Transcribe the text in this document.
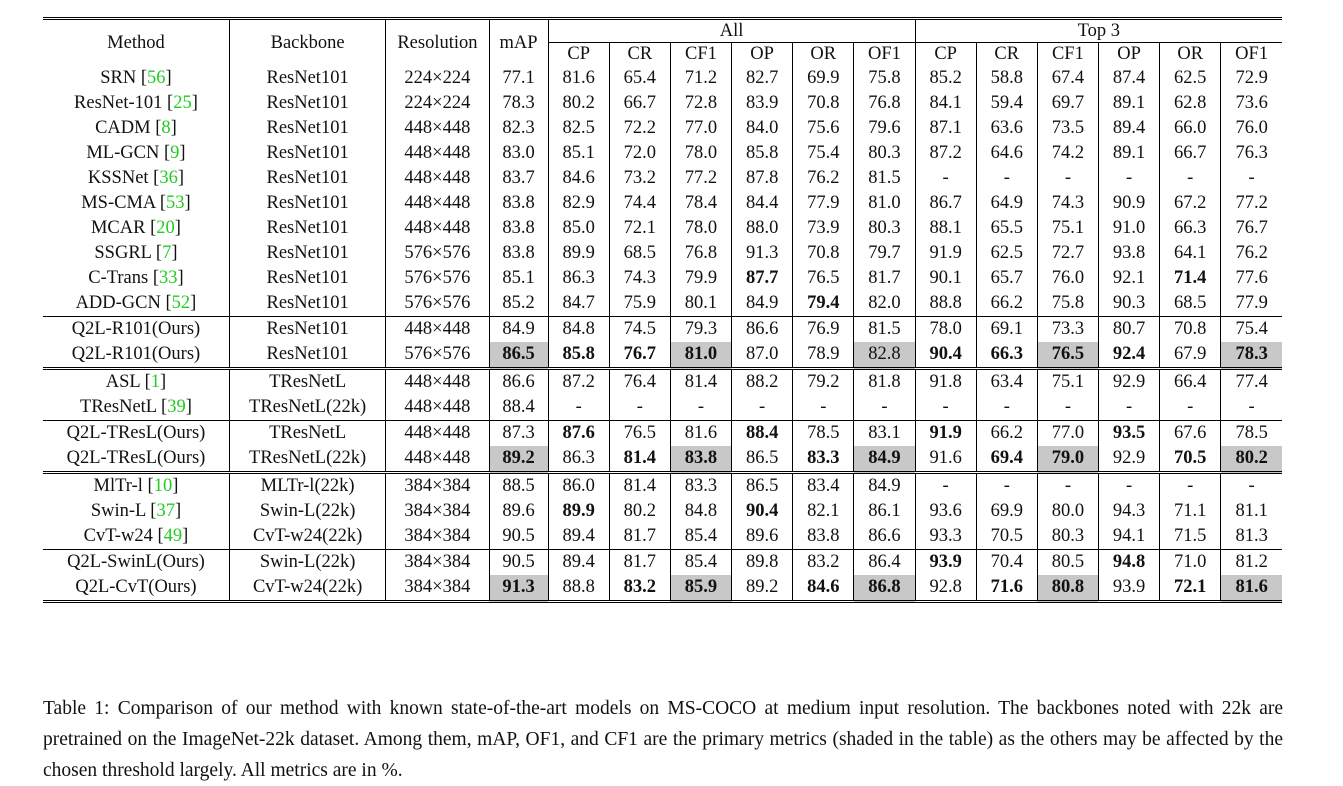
Method	Backbone	Resolution	mAP	All						Top 3					
				CP	CR	CF1	OP	OR	OF1	CP	CR	CF1	OP	OR	OF1
SRN [56]	ResNet101	224×224	77.1	81.6	65.4	71.2	82.7	69.9	75.8	85.2	58.8	67.4	87.4	62.5	72.9
ResNet-101 [25]	ResNet101	224×224	78.3	80.2	66.7	72.8	83.9	70.8	76.8	84.1	59.4	69.7	89.1	62.8	73.6
CADM [8]	ResNet101	448×448	82.3	82.5	72.2	77.0	84.0	75.6	79.6	87.1	63.6	73.5	89.4	66.0	76.0
ML-GCN [9]	ResNet101	448×448	83.0	85.1	72.0	78.0	85.8	75.4	80.3	87.2	64.6	74.2	89.1	66.7	76.3
KSSNet [36]	ResNet101	448×448	83.7	84.6	73.2	77.2	87.8	76.2	81.5	-	-	-	-	-	-
MS-CMA [53]	ResNet101	448×448	83.8	82.9	74.4	78.4	84.4	77.9	81.0	86.7	64.9	74.3	90.9	67.2	77.2
MCAR [20]	ResNet101	448×448	83.8	85.0	72.1	78.0	88.0	73.9	80.3	88.1	65.5	75.1	91.0	66.3	76.7
SSGRL [7]	ResNet101	576×576	83.8	89.9	68.5	76.8	91.3	70.8	79.7	91.9	62.5	72.7	93.8	64.1	76.2
C-Trans [33]	ResNet101	576×576	85.1	86.3	74.3	79.9	87.7	76.5	81.7	90.1	65.7	76.0	92.1	71.4	77.6
ADD-GCN [52]	ResNet101	576×576	85.2	84.7	75.9	80.1	84.9	79.4	82.0	88.8	66.2	75.8	90.3	68.5	77.9
Q2L-R101(Ours)	ResNet101	448×448	84.9	84.8	74.5	79.3	86.6	76.9	81.5	78.0	69.1	73.3	80.7	70.8	75.4
Q2L-R101(Ours)	ResNet101	576×576	86.5	85.8	76.7	81.0	87.0	78.9	82.8	90.4	66.3	76.5	92.4	67.9	78.3
ASL [1]	TResNetL	448×448	86.6	87.2	76.4	81.4	88.2	79.2	81.8	91.8	63.4	75.1	92.9	66.4	77.4
TResNetL [39]	TResNetL(22k)	448×448	88.4	-	-	-	-	-	-	-	-	-	-	-	-
Q2L-TResL(Ours)	TResNetL	448×448	87.3	87.6	76.5	81.6	88.4	78.5	83.1	91.9	66.2	77.0	93.5	67.6	78.5
Q2L-TResL(Ours)	TResNetL(22k)	448×448	89.2	86.3	81.4	83.8	86.5	83.3	84.9	91.6	69.4	79.0	92.9	70.5	80.2
MlTr-l [10]	MLTr-l(22k)	384×384	88.5	86.0	81.4	83.3	86.5	83.4	84.9	-	-	-	-	-	-
Swin-L [37]	Swin-L(22k)	384×384	89.6	89.9	80.2	84.8	90.4	82.1	86.1	93.6	69.9	80.0	94.3	71.1	81.1
CvT-w24 [49]	CvT-w24(22k)	384×384	90.5	89.4	81.7	85.4	89.6	83.8	86.6	93.3	70.5	80.3	94.1	71.5	81.3
Q2L-SwinL(Ours)	Swin-L(22k)	384×384	90.5	89.4	81.7	85.4	89.8	83.2	86.4	93.9	70.4	80.5	94.8	71.0	81.2
Q2L-CvT(Ours)	CvT-w24(22k)	384×384	91.3	88.8	83.2	85.9	89.2	84.6	86.8	92.8	71.6	80.8	93.9	72.1	81.6

Table 1: Comparison of our method with known state-of-the-art models on MS-COCO at medium input resolution. The backbones noted with 22k are pretrained on the ImageNet-22k dataset. Among them, mAP, OF1, and CF1 are the primary metrics (shaded in the table) as the others may be affected by the chosen threshold largely. All metrics are in %.
